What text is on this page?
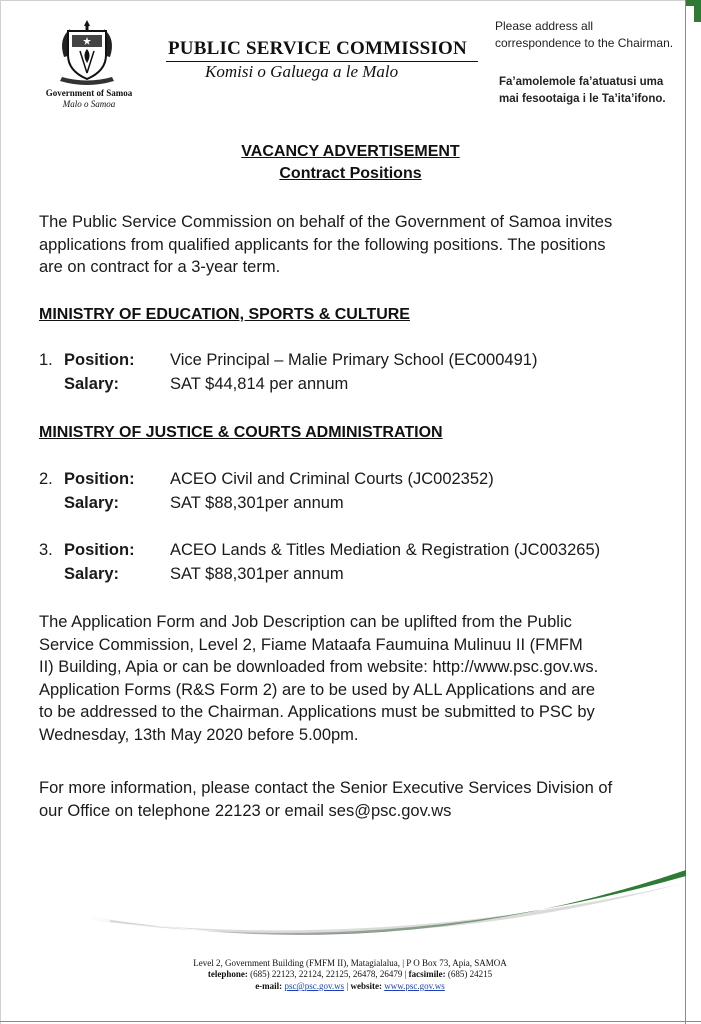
Government of Samoa
Malo o Samoa
PUBLIC SERVICE COMMISSION
Komisi o Galuega a le Malo
Please address all
correspondence to the Chairman.
Fa’amolemole fa’atuatusi uma
mai fesootaiga i le Ta’ita’ifono.
VACANCY ADVERTISEMENT
Contract Positions
The Public Service Commission on behalf of the Government of Samoa invites
applications from qualified applicants for the following positions. The positions
are on contract for a 3-year term.
MINISTRY OF EDUCATION, SPORTS & CULTURE
1. Position:	Vice Principal – Malie Primary School (EC000491)
Salary:	SAT $44,814 per annum
MINISTRY OF JUSTICE & COURTS ADMINISTRATION
2. Position:	ACEO Civil and Criminal Courts (JC002352)
Salary:	SAT $88,301per annum
3. Position:	ACEO Lands & Titles Mediation & Registration (JC003265)
Salary:	SAT $88,301per annum
The Application Form and Job Description can be uplifted from the Public
Service Commission, Level 2, Fiame Mataafa Faumuina Mulinuu II (FMFM
II) Building, Apia or can be downloaded from website: http://www.psc.gov.ws.
Application Forms (R&S Form 2) are to be used by ALL Applications and are
to be addressed to the Chairman. Applications must be submitted to PSC by
Wednesday, 13th May 2020 before 5.00pm.
For more information, please contact the Senior Executive Services Division of
our Office on telephone 22123 or email ses@psc.gov.ws
Level 2, Government Building (FMFM II), Matagialalua, | P O Box 73, Apia, SAMOA
telephone: (685) 22123, 22124, 22125, 26478, 26479 | facsimile: (685) 24215
e-mail: psc@psc.gov.ws | website: www.psc.gov.ws
